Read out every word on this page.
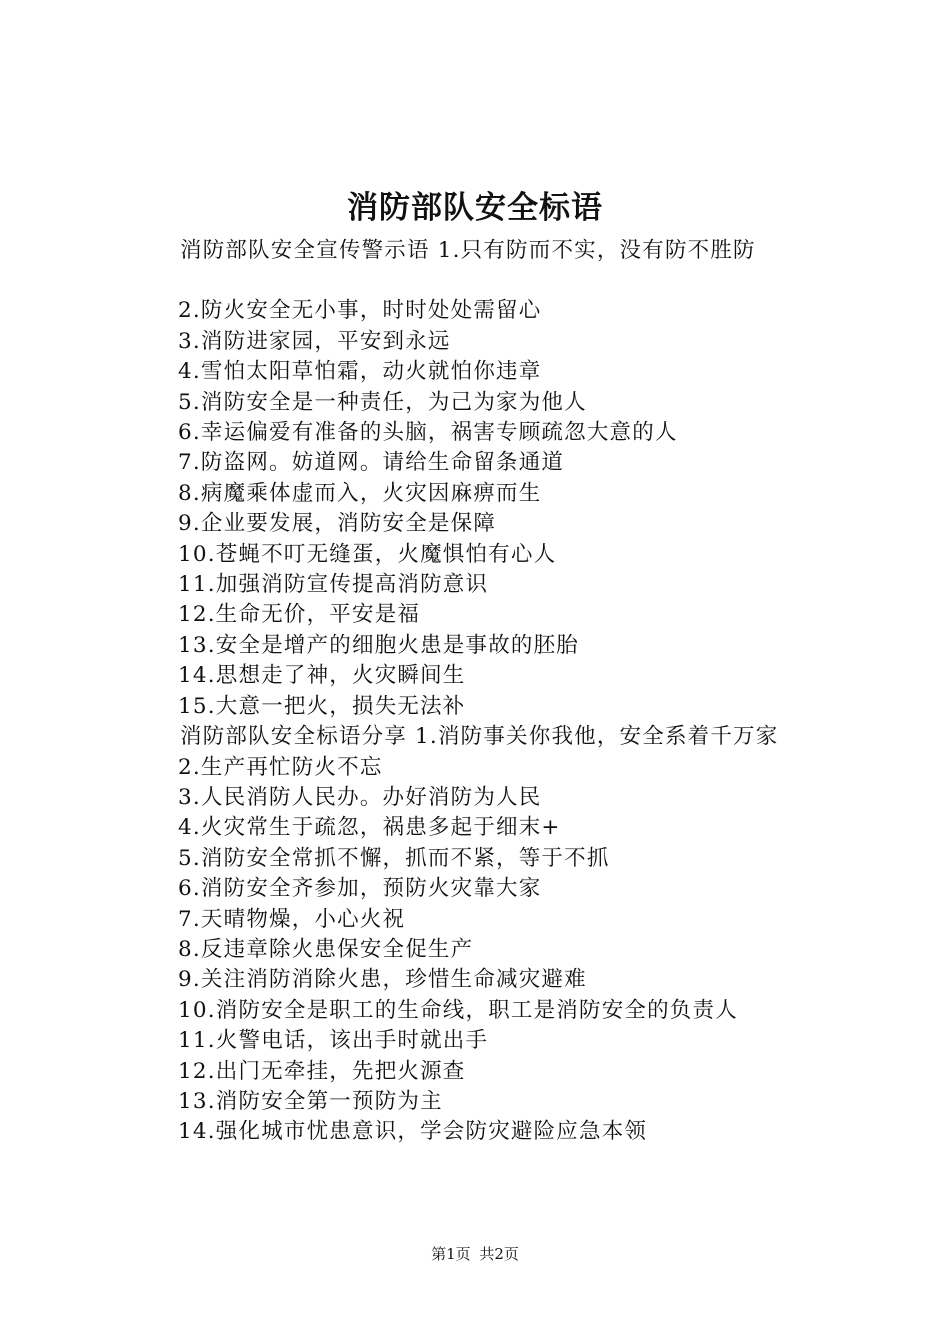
消防部队安全标语

消防部队安全宣传警示语 1.只有防而不实，没有防不胜防

2.防火安全无小事，时时处处需留心

3.消防进家园，平安到永远

4.雪怕太阳草怕霜，动火就怕你违章

5.消防安全是一种责任，为己为家为他人

6.幸运偏爱有准备的头脑，祸害专顾疏忽大意的人

7.防盗网。妨道网。请给生命留条通道

8.病魔乘体虚而入，火灾因麻痹而生

9.企业要发展，消防安全是保障

10.苍蝇不叮无缝蛋，火魔惧怕有心人

11.加强消防宣传提高消防意识

12.生命无价，平安是福

13.安全是增产的细胞火患是事故的胚胎

14.思想走了神，火灾瞬间生

15.大意一把火，损失无法补

消防部队安全标语分享 1.消防事关你我他，安全系着千万家

2.生产再忙防火不忘

3.人民消防人民办。办好消防为人民

4.火灾常生于疏忽，祸患多起于细末+

5.消防安全常抓不懈，抓而不紧，等于不抓

6.消防安全齐参加，预防火灾靠大家

7.天晴物燥，小心火祝

8.反违章除火患保安全促生产

9.关注消防消除火患，珍惜生命减灾避难

10.消防安全是职工的生命线，职工是消防安全的负责人

11.火警电话，该出手时就出手

12.出门无牵挂，先把火源查

13.消防安全第一预防为主

14.强化城市忧患意识，学会防灾避险应急本领

第1页 共2页
